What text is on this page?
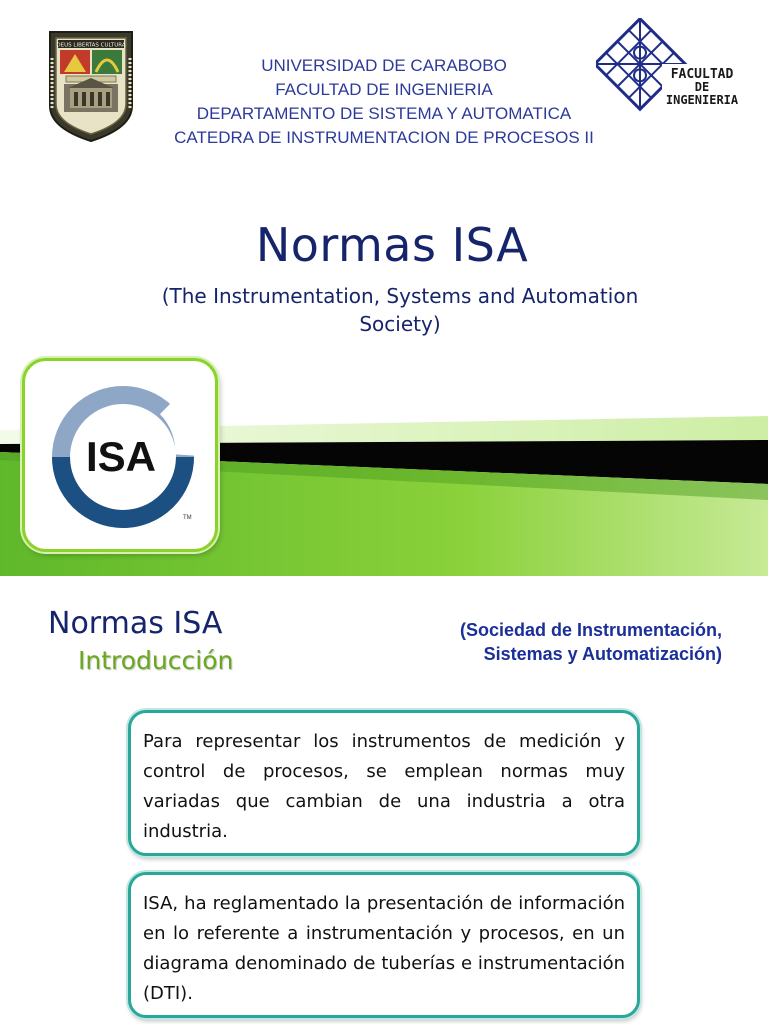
DEUS LIBERTAS CULTURA
UNIVERSIDAD DE CARABOBO
FACULTAD DE INGENIERIA
DEPARTAMENTO DE SISTEMA Y AUTOMATICA
CATEDRA DE INSTRUMENTACION DE PROCESOS II
FACULTAD
DE
INGENIERIA
Normas ISA
(The Instrumentation, Systems and Automation
Society)
ISA
TM
Normas ISA
Introducción
(Sociedad de Instrumentación,
Sistemas y Automatización)

Para representar los instrumentos de medición y control de procesos, se emplean normas muy variadas que cambian de una industria a otra industria.

ISA, ha reglamentado la presentación de información en lo referente a instrumentación y procesos, en un diagrama denominado de tuberías e instrumentación (DTI).
